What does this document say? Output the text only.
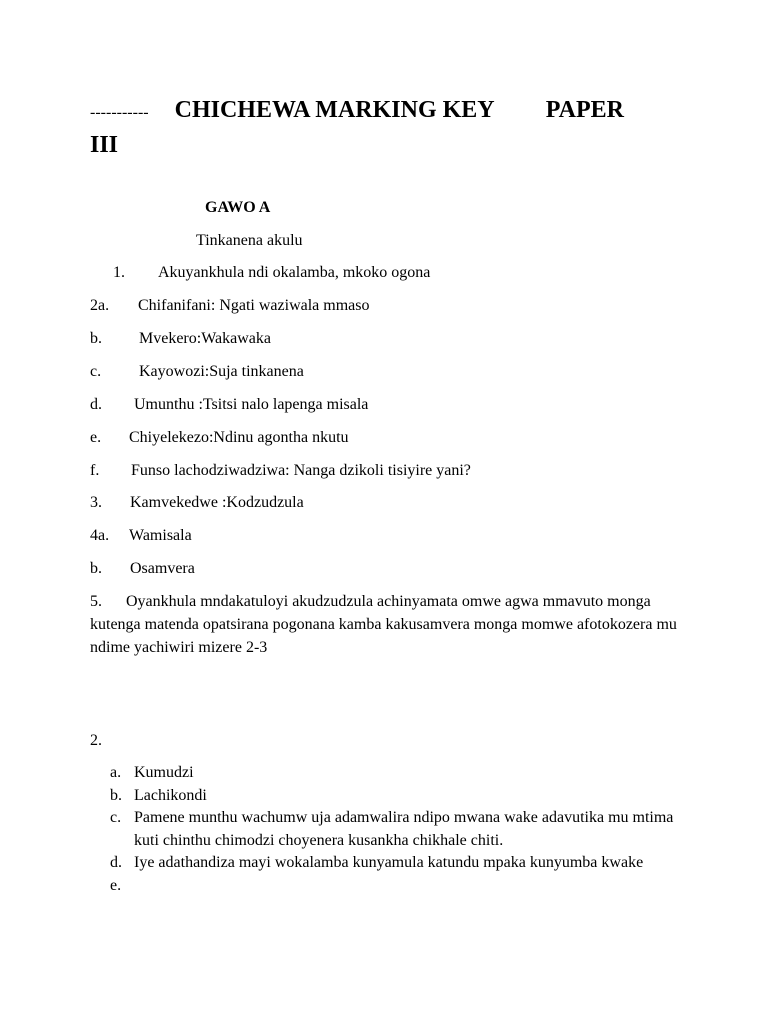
----------- CHICHEWA MARKING KEY PAPER
III
GAWO A
Tinkanena akulu
1. Akuyankhula ndi okalamba, mkoko ogona
2a. Chifanifani: Ngati waziwala mmaso
b. Mvekero:Wakawaka
c. Kayowozi:Suja tinkanena
d. Umunthu :Tsitsi nalo lapenga misala
e. Chiyelekezo:Ndinu agontha nkutu
f. Funso lachodziwadziwa: Nanga dzikoli tisiyire yani?
3. Kamvekedwe :Kodzudzula
4a. Wamisala
b. Osamvera
5. Oyankhula mndakatuloyi akudzudzula achinyamata omwe agwa mmavuto monga kutenga matenda opatsirana pogonana kamba kakusamvera monga momwe afotokozera mu ndime yachiwiri mizere 2-3
2.
a. Kumudzi
b. Lachikondi
c. Pamene munthu wachumw uja adamwalira ndipo mwana wake adavutika mu mtima kuti chinthu chimodzi choyenera kusankha chikhale chiti.
d. Iye adathandiza mayi wokalamba kunyamula katundu mpaka kunyumba kwake
e.
